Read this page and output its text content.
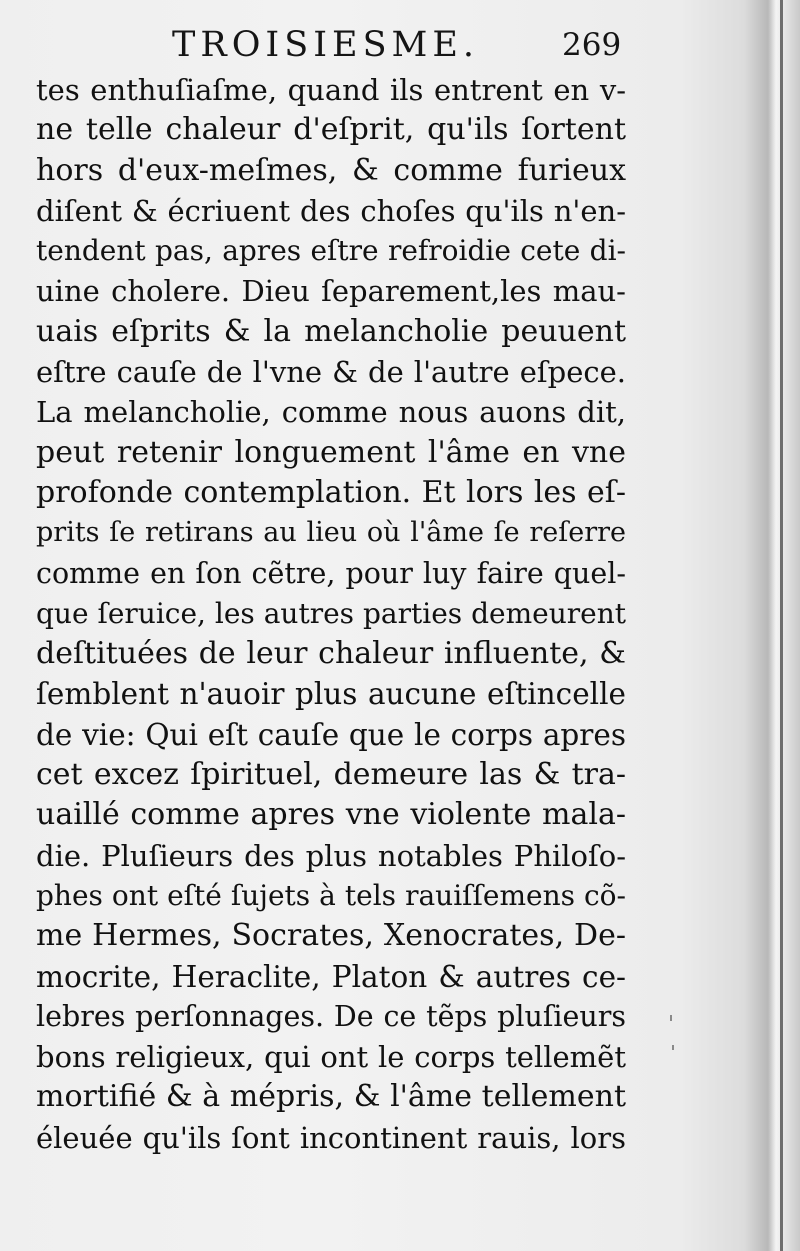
TROISIESME.	269
tes enthuſiaſme, quand ils entrent en v-
ne telle chaleur d'eſprit, qu'ils ſortent
hors d'eux-meſmes, & comme furieux
diſent & écriuent des choſes qu'ils n'en-
tendent pas, apres eſtre refroidie cete di-
uine cholere. Dieu ſeparement,les mau-
uais eſprits & la melancholie peuuent
eſtre cauſe de l'vne & de l'autre eſpece.
La melancholie, comme nous auons dit,
peut retenir longuement l'âme en vne
profonde contemplation. Et lors les eſ-
prits ſe retirans au lieu où l'âme ſe reſerre
comme en ſon cẽtre, pour luy faire quel-
que ſeruice, les autres parties demeurent
deſtituées de leur chaleur influente, &
ſemblent n'auoir plus aucune eſtincelle
de vie: Qui eſt cauſe que le corps apres
cet excez ſpirituel, demeure las & tra-
uaillé comme apres vne violente mala-
die. Pluſieurs des plus notables Philoſo-
phes ont eſté ſujets à tels rauiſſemens cõ-
me Hermes, Socrates, Xenocrates, De-
mocrite, Heraclite, Platon & autres ce-
lebres perſonnages. De ce tẽps pluſieurs
bons religieux, qui ont le corps tellemẽt
mortifié & à mépris, & l'âme tellement
éleuée qu'ils ſont incontinent rauis, lors
